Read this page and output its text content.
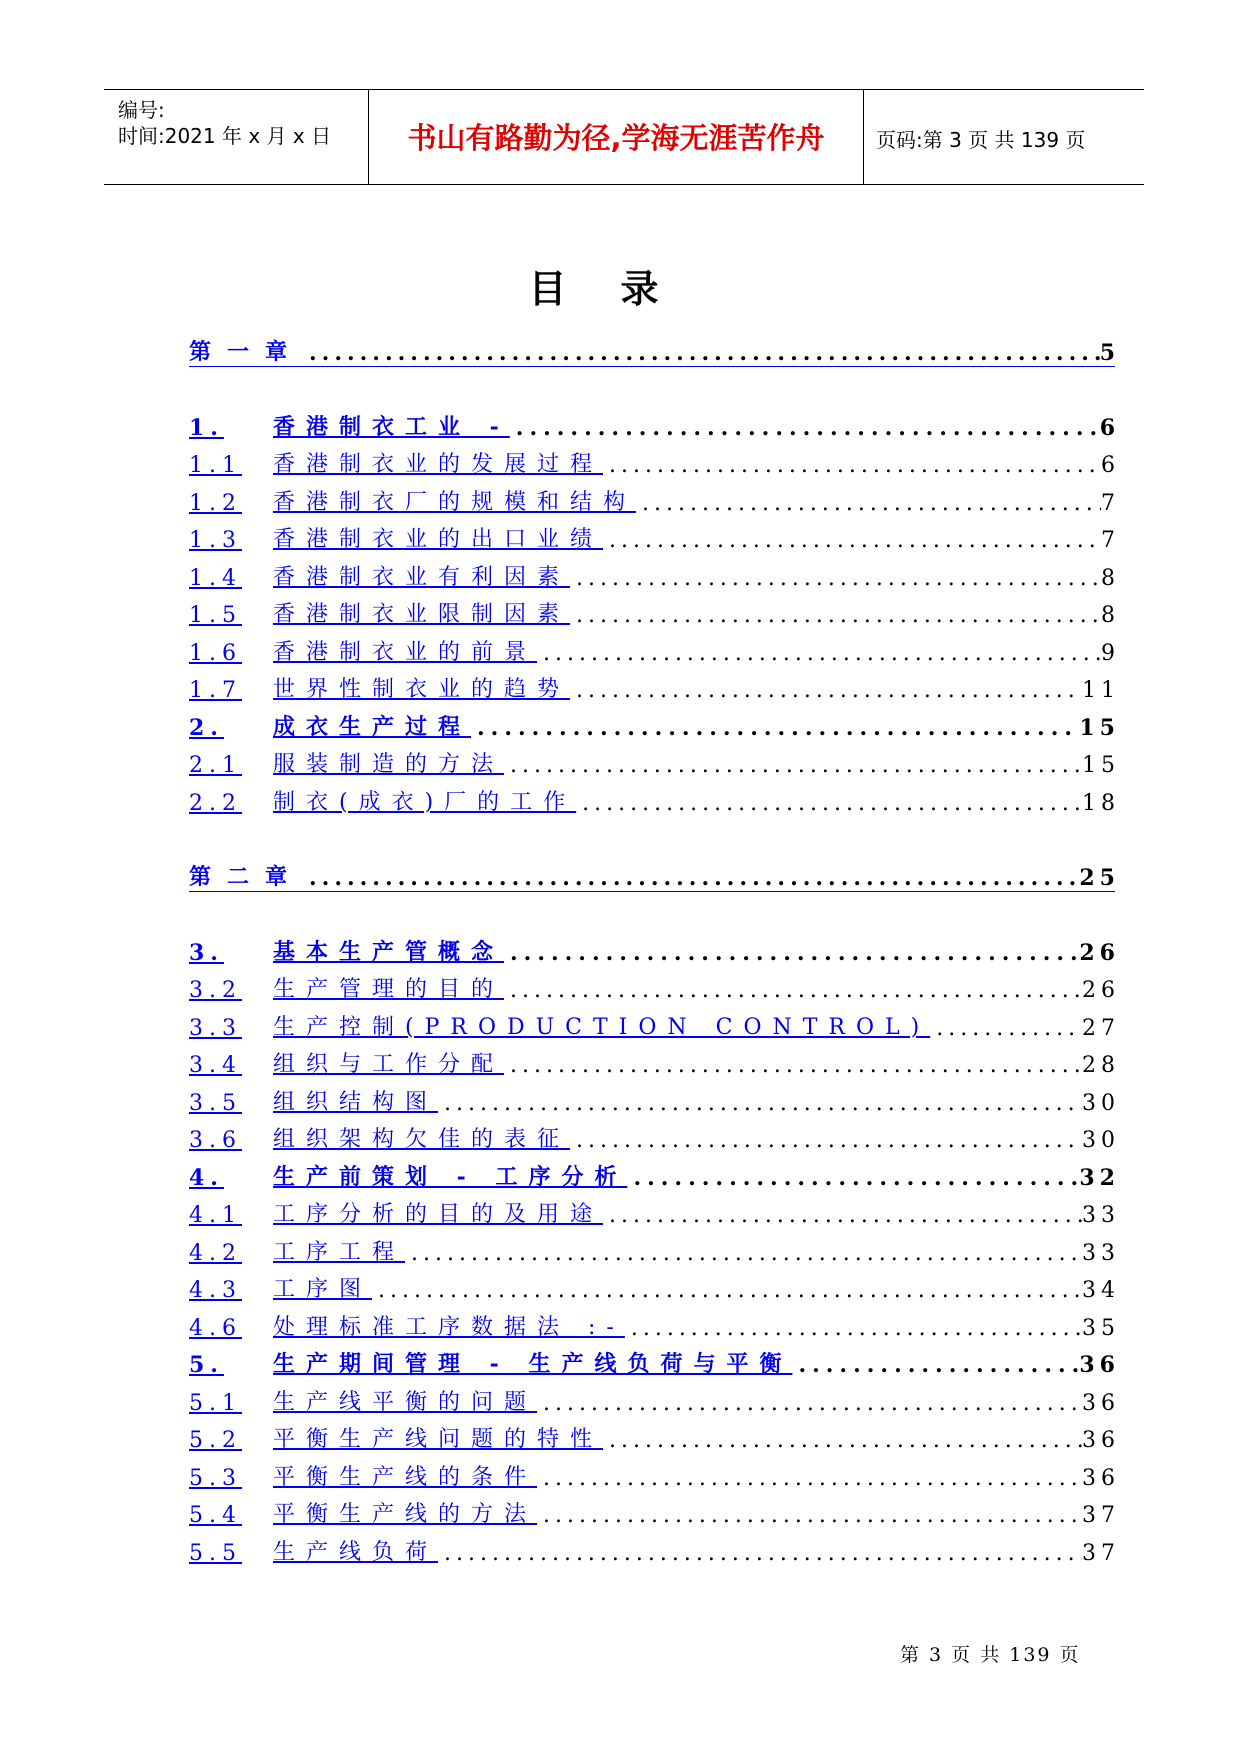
编号:
时间:2021 年 x 月 x 日	书山有路勤为径,学海无涯苦作舟	页码:第 3 页 共 139 页
目录
第一章 .....	5
1.	香港制衣工业 - .....	6
1.1	香港制衣业的发展过程 .....	6
1.2	香港制衣厂的规模和结构 .....	7
1.3	香港制衣业的出口业绩 .....	7
1.4	香港制衣业有利因素 .....	8
1.5	香港制衣业限制因素 .....	8
1.6	香港制衣业的前景 .....	9
1.7	世界性制衣业的趋势 .....	11
2.	成衣生产过程 .....	15
2.1	服装制造的方法 .....	15
2.2	制衣(成衣)厂的工作 .....	18
第二章 .....	25
3.	基本生产管概念 .....	26
3.2	生产管理的目的 .....	26
3.3	生产控制(PRODUCTION CONTROL) .....	27
3.4	组织与工作分配 .....	28
3.5	组织结构图 .....	30
3.6	组织架构欠佳的表征 .....	30
4.	生产前策划 - 工序分析 .....	32
4.1	工序分析的目的及用途 .....	33
4.2	工序工程 .....	33
4.3	工序图 .....	34
4.6	处理标准工序数据法 :- .....	35
5.	生产期间管理 - 生产线负荷与平衡 .....	36
5.1	生产线平衡的问题 .....	36
5.2	平衡生产线问题的特性 .....	36
5.3	平衡生产线的条件 .....	36
5.4	平衡生产线的方法 .....	37
5.5	生产线负荷 .....	37
第 3 页 共 139 页
